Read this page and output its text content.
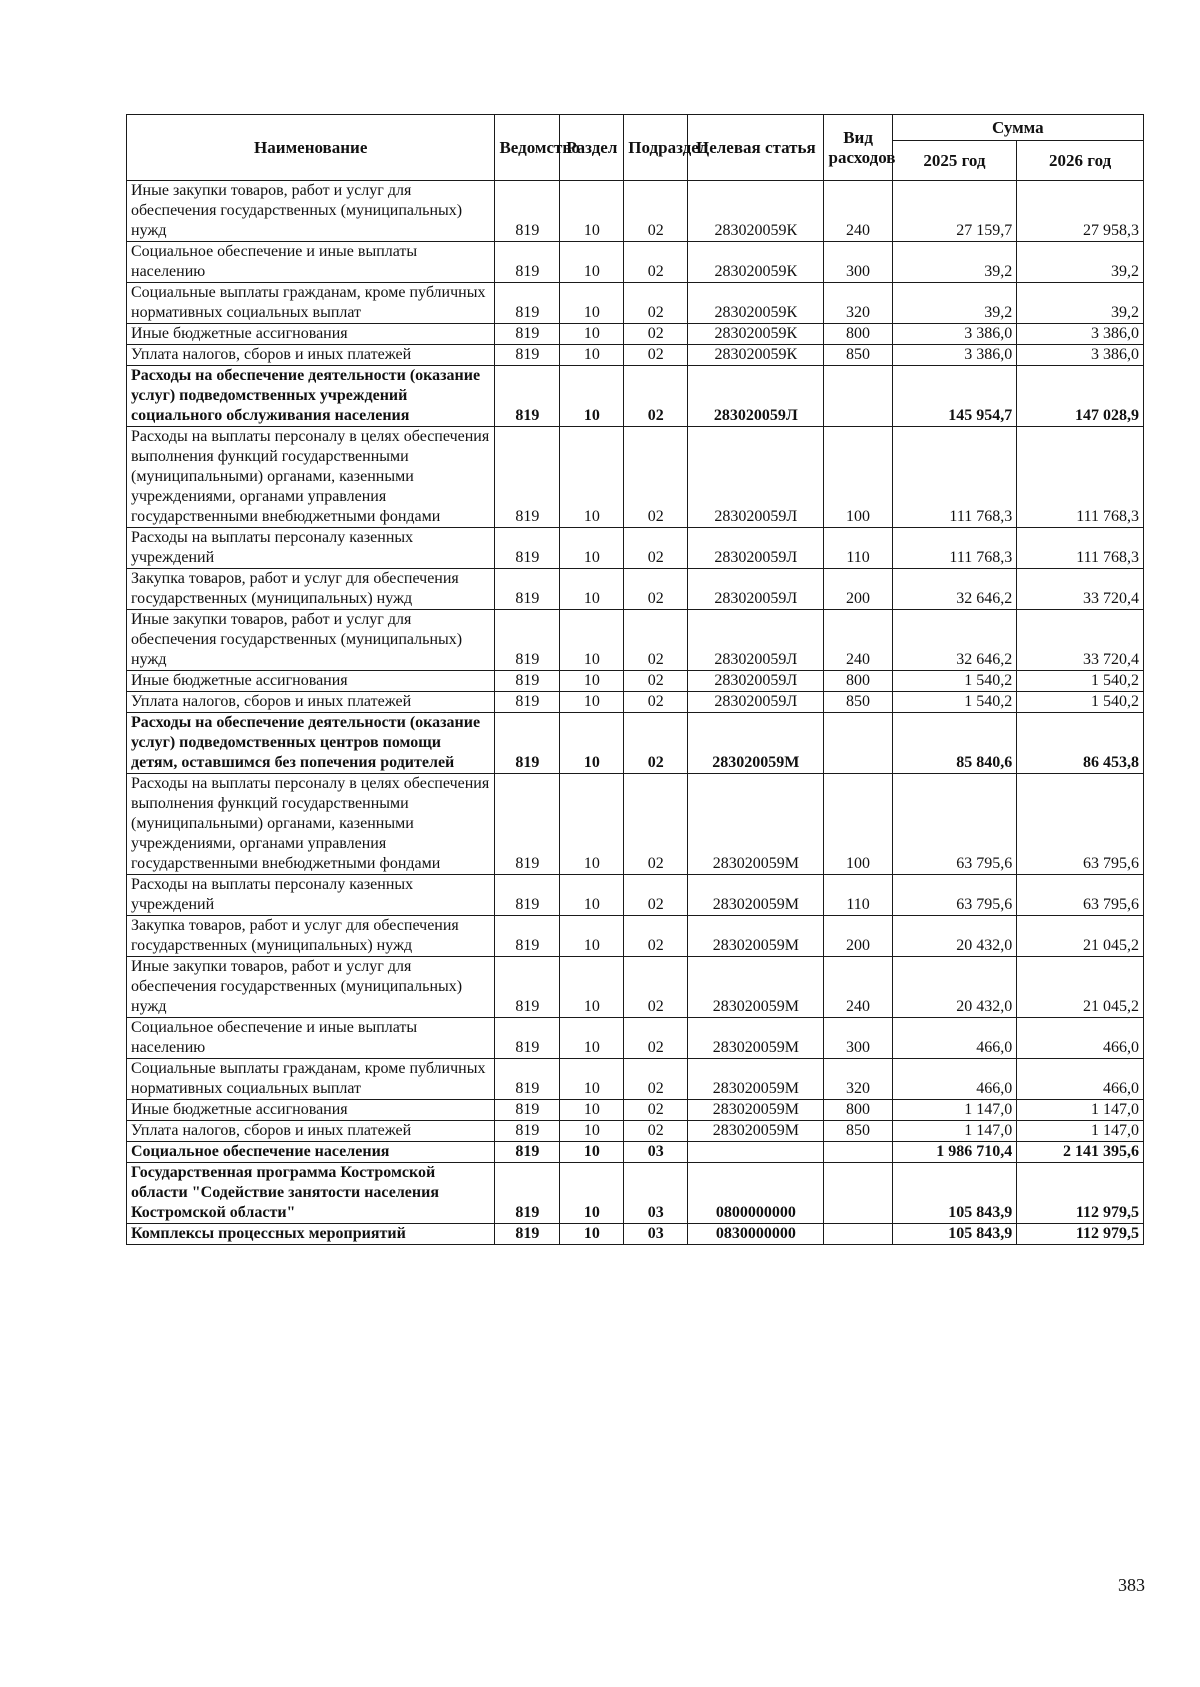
Наименование	Ведомство	Раздел	Подраздел	Целевая статья	Вид расходов	Сумма	
						2025 год	2026 год
Иные закупки товаров, работ и услуг для обеспечения государственных (муниципальных) нужд	819	10	02	283020059К	240	27 159,7	27 958,3
Социальное обеспечение и иные выплаты населению	819	10	02	283020059К	300	39,2	39,2
Социальные выплаты гражданам, кроме публичных нормативных социальных выплат	819	10	02	283020059К	320	39,2	39,2
Иные бюджетные ассигнования	819	10	02	283020059К	800	3 386,0	3 386,0
Уплата налогов, сборов и иных платежей	819	10	02	283020059К	850	3 386,0	3 386,0
Расходы на обеспечение деятельности (оказание услуг) подведомственных учреждений социального обслуживания населения	819	10	02	283020059Л		145 954,7	147 028,9
Расходы на выплаты персоналу в целях обеспечения выполнения функций государственными (муниципальными) органами, казенными учреждениями, органами управления государственными внебюджетными фондами	819	10	02	283020059Л	100	111 768,3	111 768,3
Расходы на выплаты персоналу казенных учреждений	819	10	02	283020059Л	110	111 768,3	111 768,3
Закупка товаров, работ и услуг для обеспечения государственных (муниципальных) нужд	819	10	02	283020059Л	200	32 646,2	33 720,4
Иные закупки товаров, работ и услуг для обеспечения государственных (муниципальных) нужд	819	10	02	283020059Л	240	32 646,2	33 720,4
Иные бюджетные ассигнования	819	10	02	283020059Л	800	1 540,2	1 540,2
Уплата налогов, сборов и иных платежей	819	10	02	283020059Л	850	1 540,2	1 540,2
Расходы на обеспечение деятельности (оказание услуг) подведомственных центров помощи детям, оставшимся без попечения родителей	819	10	02	283020059М		85 840,6	86 453,8
Расходы на выплаты персоналу в целях обеспечения выполнения функций государственными (муниципальными) органами, казенными учреждениями, органами управления государственными внебюджетными фондами	819	10	02	283020059М	100	63 795,6	63 795,6
Расходы на выплаты персоналу казенных учреждений	819	10	02	283020059М	110	63 795,6	63 795,6
Закупка товаров, работ и услуг для обеспечения государственных (муниципальных) нужд	819	10	02	283020059М	200	20 432,0	21 045,2
Иные закупки товаров, работ и услуг для обеспечения государственных (муниципальных) нужд	819	10	02	283020059М	240	20 432,0	21 045,2
Социальное обеспечение и иные выплаты населению	819	10	02	283020059М	300	466,0	466,0
Социальные выплаты гражданам, кроме публичных нормативных социальных выплат	819	10	02	283020059М	320	466,0	466,0
Иные бюджетные ассигнования	819	10	02	283020059М	800	1 147,0	1 147,0
Уплата налогов, сборов и иных платежей	819	10	02	283020059М	850	1 147,0	1 147,0
Социальное обеспечение населения	819	10	03			1 986 710,4	2 141 395,6
Государственная программа Костромской области "Содействие занятости населения Костромской области"	819	10	03	0800000000		105 843,9	112 979,5
Комплексы процессных мероприятий	819	10	03	0830000000		105 843,9	112 979,5
383
